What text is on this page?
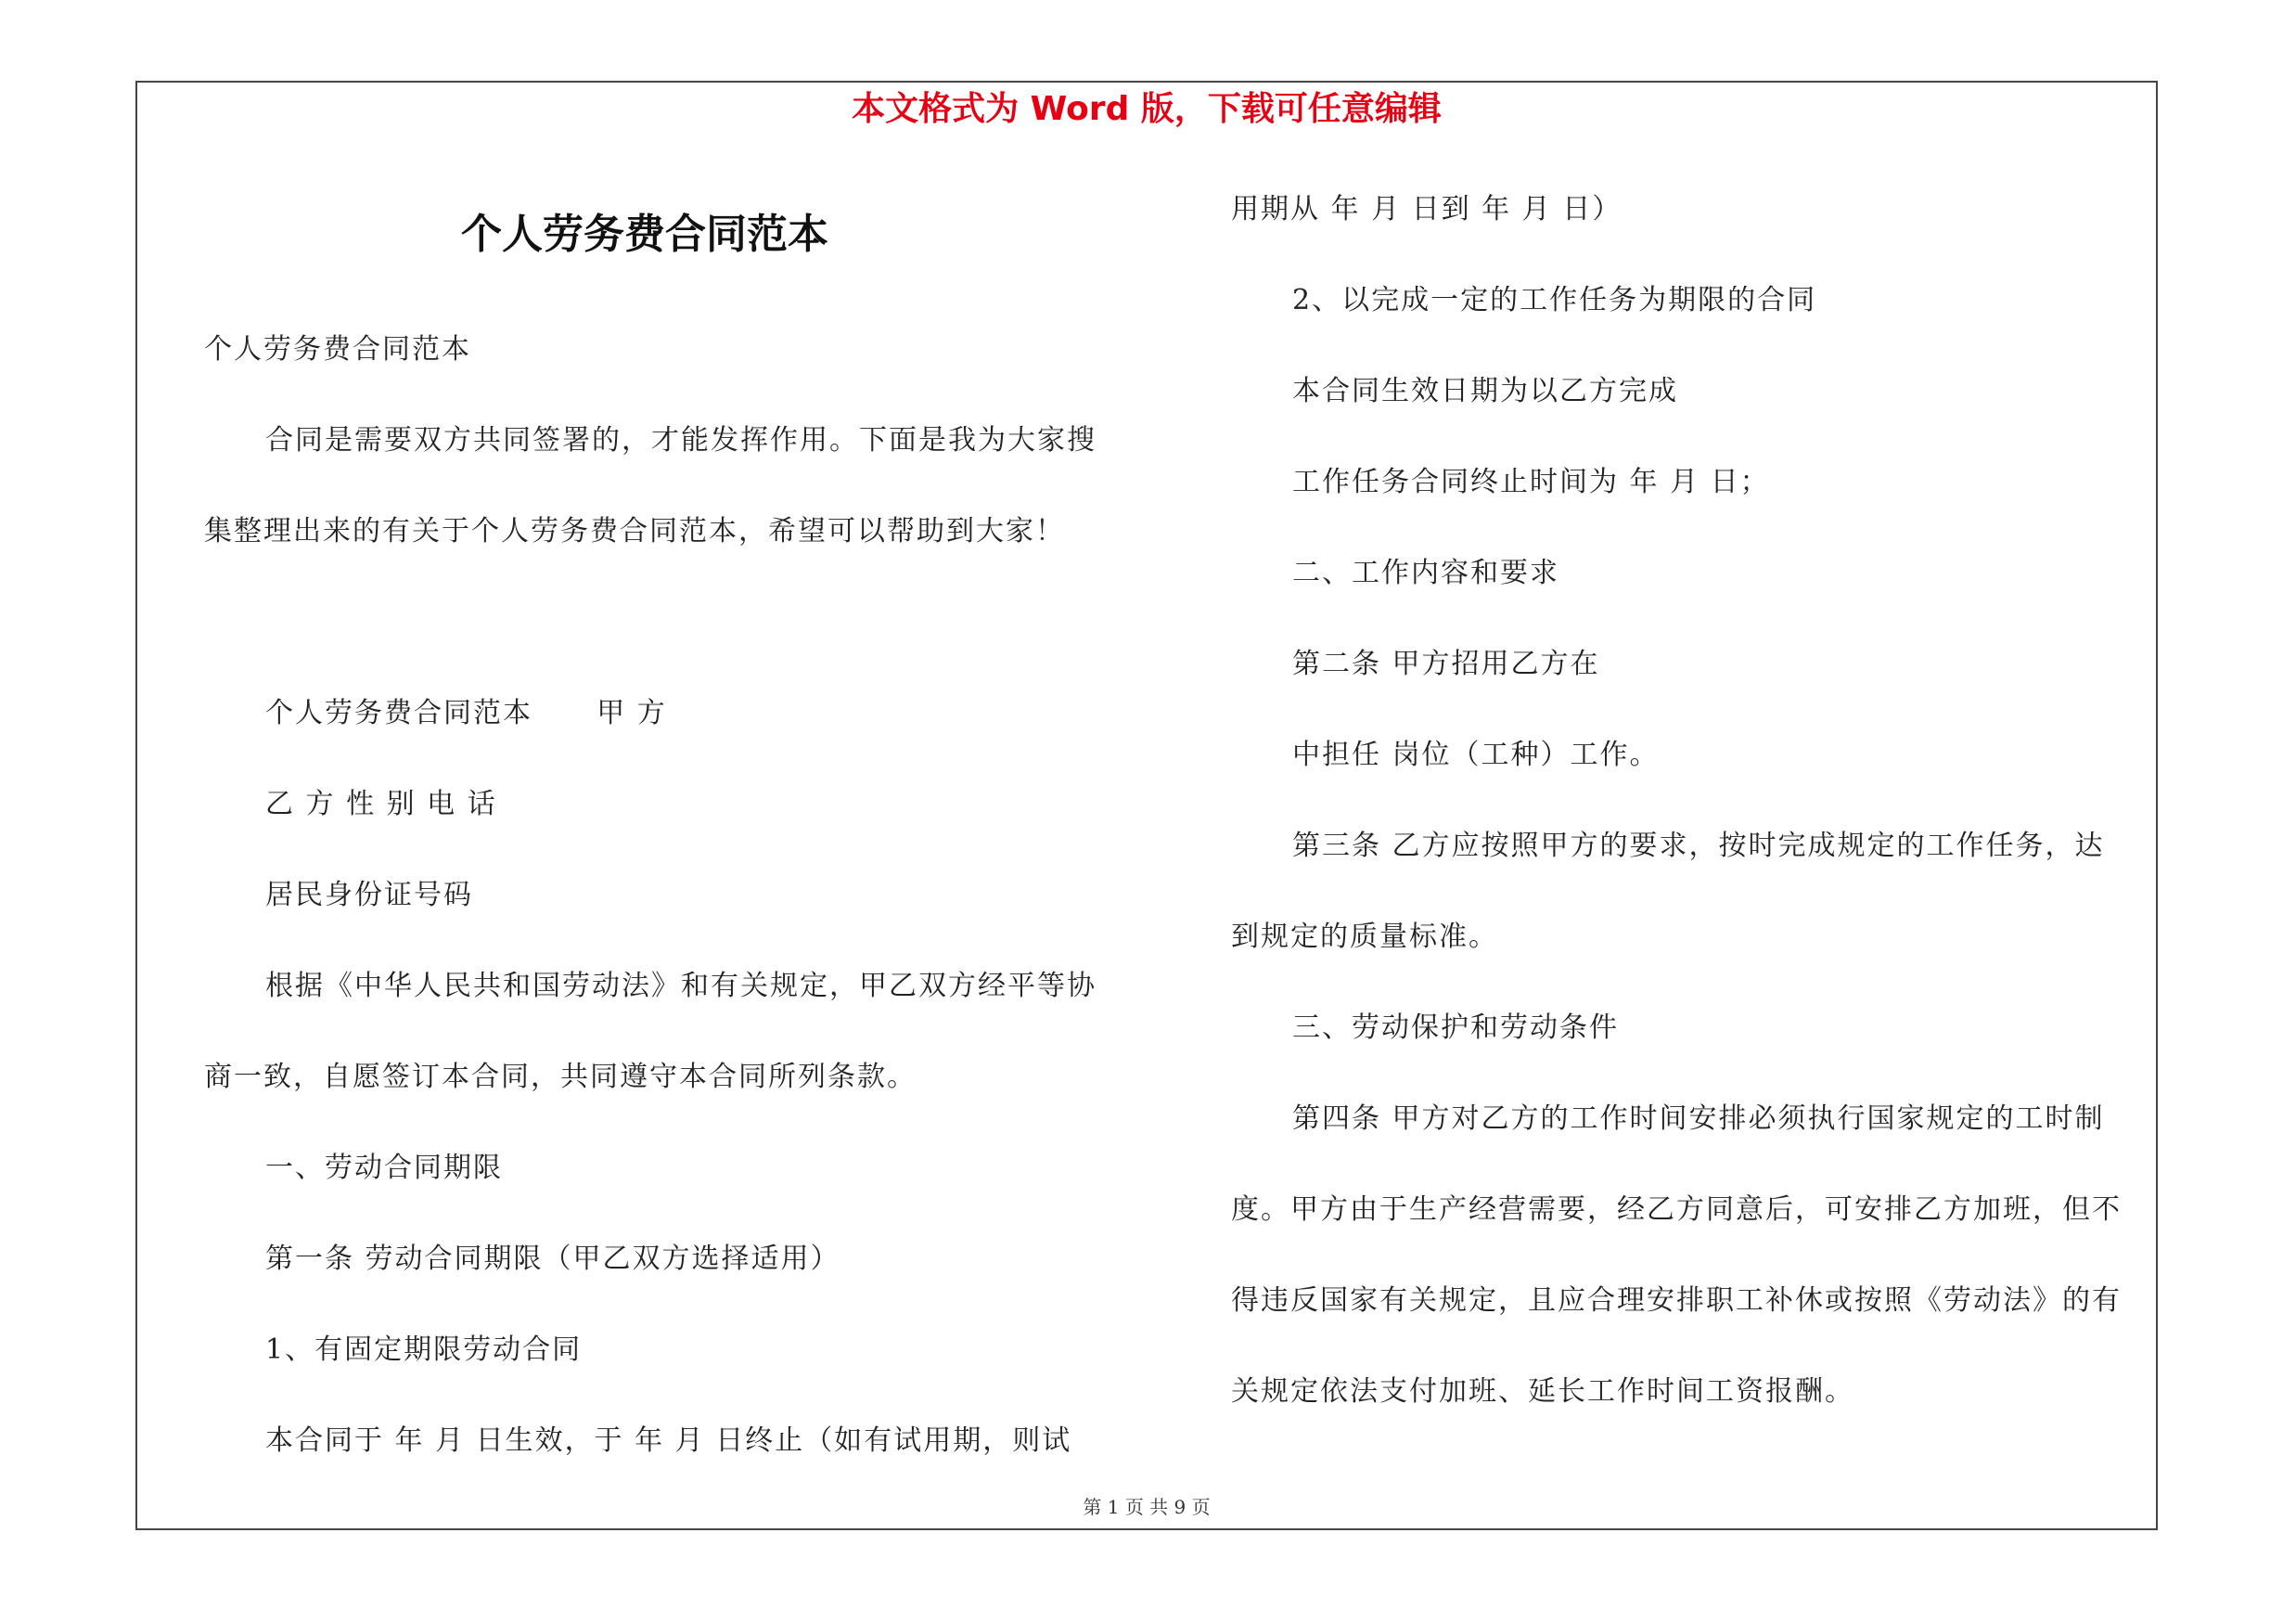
本文格式为 Word 版，下载可任意编辑
个人劳务费合同范本
个人劳务费合同范本
合同是需要双方共同签署的，才能发挥作用。下面是我为大家搜
集整理出来的有关于个人劳务费合同范本，希望可以帮助到大家！
个人劳务费合同范本      甲 方
乙 方 性 别 电 话
居民身份证号码
根据《中华人民共和国劳动法》和有关规定，甲乙双方经平等协
商一致，自愿签订本合同，共同遵守本合同所列条款。
一、劳动合同期限
第一条 劳动合同期限（甲乙双方选择适用）
1、有固定期限劳动合同
本合同于 年 月 日生效，于 年 月 日终止（如有试用期，则试
用期从 年 月 日到 年 月 日）
2、以完成一定的工作任务为期限的合同
本合同生效日期为以乙方完成
工作任务合同终止时间为 年 月 日；
二、工作内容和要求
第二条 甲方招用乙方在
中担任 岗位（工种）工作。
第三条 乙方应按照甲方的要求，按时完成规定的工作任务，达
到规定的质量标准。
三、劳动保护和劳动条件
第四条 甲方对乙方的工作时间安排必须执行国家规定的工时制
度。甲方由于生产经营需要，经乙方同意后，可安排乙方加班，但不
得违反国家有关规定，且应合理安排职工补休或按照《劳动法》的有
关规定依法支付加班、延长工作时间工资报酬。
第 1 页 共 9 页
